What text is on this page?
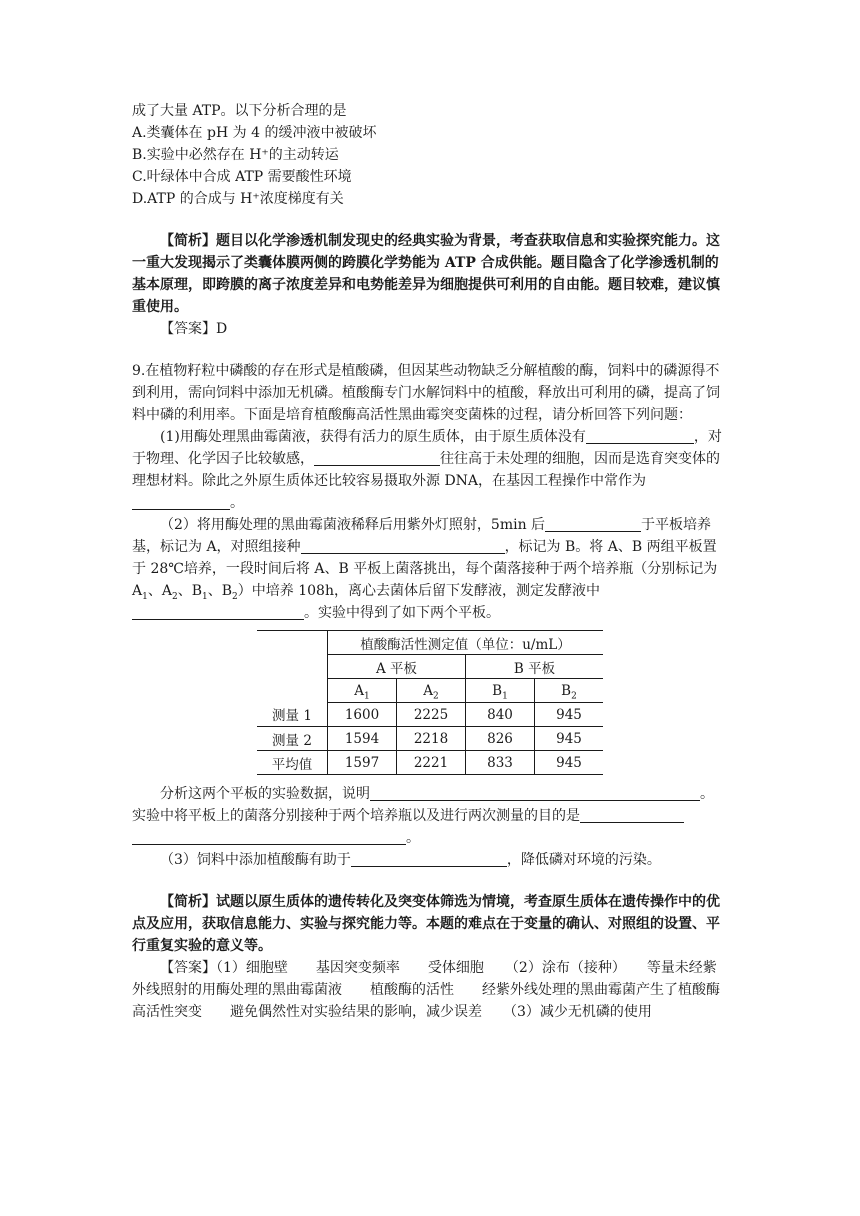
成了大量 ATP。以下分析合理的是
A.类囊体在 pH 为 4 的缓冲液中被破坏
B.实验中必然存在 H⁺的主动转运
C.叶绿体中合成 ATP 需要酸性环境
D.ATP 的合成与 H⁺浓度梯度有关
【简析】题目以化学渗透机制发现史的经典实验为背景，考查获取信息和实验探究能力。这一重大发现揭示了类囊体膜两侧的跨膜化学势能为 ATP 合成供能。题目隐含了化学渗透机制的基本原理，即跨膜的离子浓度差异和电势能差异为细胞提供可利用的自由能。题目较难，建议慎重使用。
【答案】D
9.在植物籽粒中磷酸的存在形式是植酸磷，但因某些动物缺乏分解植酸的酶，饲料中的磷源得不到利用，需向饲料中添加无机磷。植酸酶专门水解饲料中的植酸，释放出可利用的磷，提高了饲料中磷的利用率。下面是培育植酸酶高活性黑曲霉突变菌株的过程，请分析回答下列问题：
(1)用酶处理黑曲霉菌液，获得有活力的原生质体，由于原生质体没有	，对于物理、化学因子比较敏感，	往往高于未处理的细胞，因而是选育突变体的理想材料。除此之外原生质体还比较容易摄取外源 DNA，在基因工程操作中常作为。
（2）将用酶处理的黑曲霉菌液稀释后用紫外灯照射，5min 后	于平板培养基，标记为 A，对照组接种	，标记为 B。将 A、B 两组平板置于 28℃培养，一段时间后将 A、B 平板上菌落挑出，每个菌落接种于两个培养瓶（分别标记为 $A_1$、$A_2$、$B_1$、$B_2$）中培养 108h，离心去菌体后留下发酵液，测定发酵液中。实验中得到了如下两个平板。
	植酸酶活性测定值（单位：u/mL）			
	A 平板		B 平板	
	$A_1$	$A_2$	$B_1$	$B_2$
测量 1	1600	2225	840	945
测量 2	1594	2218	826	945
平均值	1597	2221	833	945
分析这两个平板的实验数据，说明	。
实验中将平板上的菌落分别接种于两个培养瓶以及进行两次测量的目的是
。
（3）饲料中添加植酸酶有助于	，降低磷对环境的污染。
【简析】试题以原生质体的遗传转化及突变体筛选为情境，考查原生质体在遗传操作中的优点及应用，获取信息能力、实验与探究能力等。本题的难点在于变量的确认、对照组的设置、平行重复实验的意义等。
【答案】（1）细胞壁　　基因突变频率　　受体细胞　　（2）涂布（接种）　　等量未经紫外线照射的用酶处理的黑曲霉菌液　　植酸酶的活性　　经紫外线处理的黑曲霉菌产生了植酸酶高活性突变　　避免偶然性对实验结果的影响，减少误差　　（3）减少无机磷的使用
